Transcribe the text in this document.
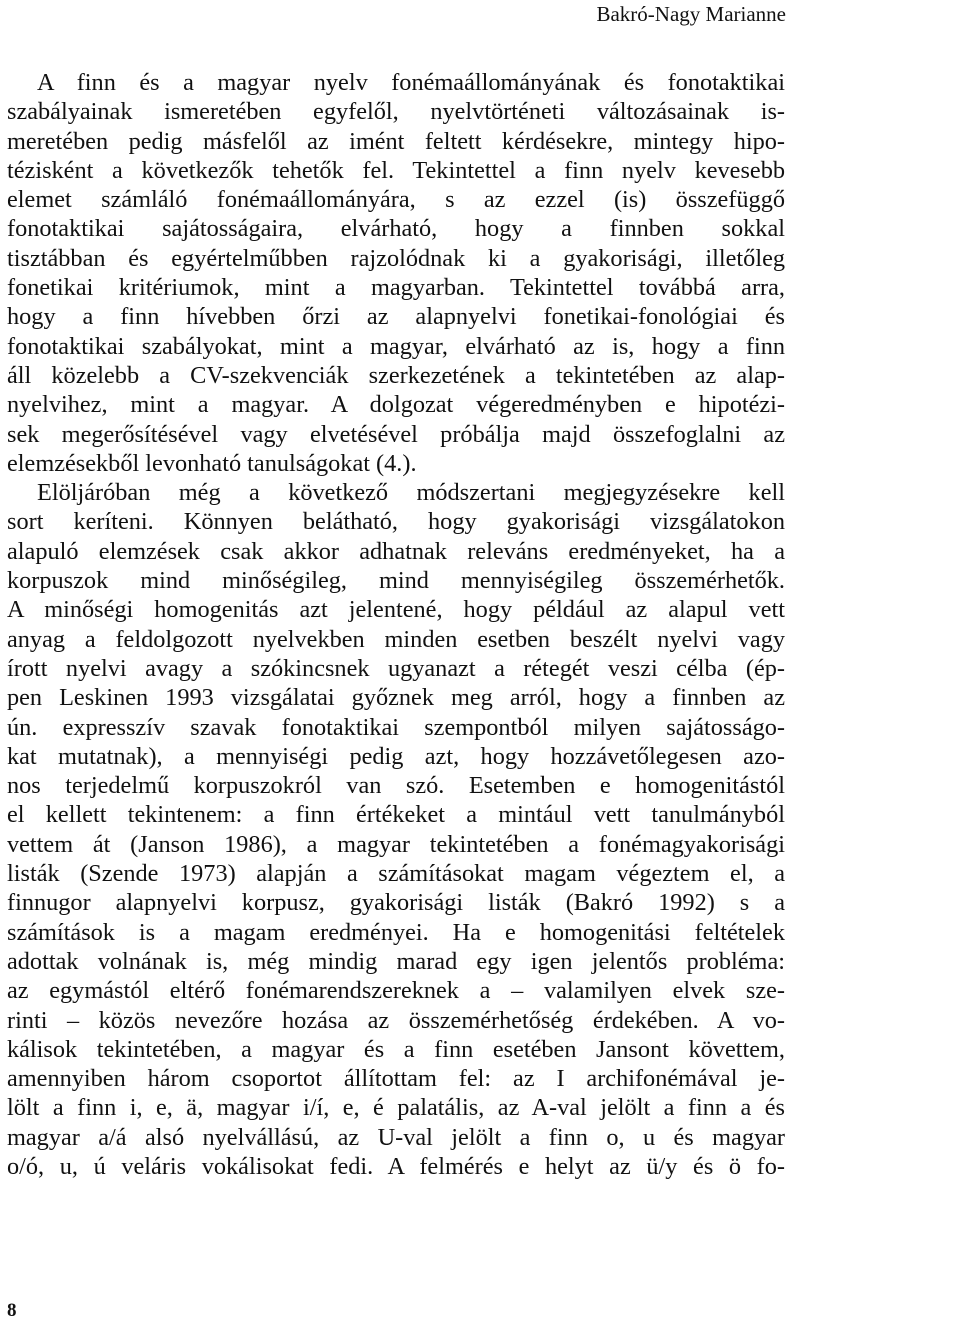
Bakró-Nagy Marianne
A finn és a magyar nyelv fonémaállományának és fonotaktikai
szabályainak ismeretében egyfelől, nyelvtörténeti változásainak is-
meretében pedig másfelől az imént feltett kérdésekre, mintegy hipo-
tézisként a következők tehetők fel. Tekintettel a finn nyelv kevesebb
elemet számláló fonémaállományára, s az ezzel (is) összefüggő
fonotaktikai sajátosságaira, elvárható, hogy a finnben sokkal
tisztábban és egyértelműbben rajzolódnak ki a gyakorisági, illetőleg
fonetikai kritériumok, mint a magyarban. Tekintettel továbbá arra,
hogy a finn hívebben őrzi az alapnyelvi fonetikai-fonológiai és
fonotaktikai szabályokat, mint a magyar, elvárható az is, hogy a finn
áll közelebb a CV-szekvenciák szerkezetének a tekintetében az alap-
nyelvihez, mint a magyar. A dolgozat végeredményben e hipotézi-
sek megerősítésével vagy elvetésével próbálja majd összefoglalni az
elemzésekből levonható tanulságokat (4.).
Elöljáróban még a következő módszertani megjegyzésekre kell
sort keríteni. Könnyen belátható, hogy gyakorisági vizsgálatokon
alapuló elemzések csak akkor adhatnak releváns eredményeket, ha a
korpuszok mind minőségileg, mind mennyiségileg összemérhetők.
A minőségi homogenitás azt jelentené, hogy például az alapul vett
anyag a feldolgozott nyelvekben minden esetben beszélt nyelvi vagy
írott nyelvi avagy a szókincsnek ugyanazt a rétegét veszi célba (ép-
pen Leskinen 1993 vizsgálatai győznek meg arról, hogy a finnben az
ún. expresszív szavak fonotaktikai szempontból milyen sajátosságo-
kat mutatnak), a mennyiségi pedig azt, hogy hozzávetőlegesen azo-
nos terjedelmű korpuszokról van szó. Esetemben e homogenitástól
el kellett tekintenem: a finn értékeket a mintául vett tanulmányból
vettem át (Janson 1986), a magyar tekintetében a fonémagyakorisági
listák (Szende 1973) alapján a számításokat magam végeztem el, a
finnugor alapnyelvi korpusz, gyakorisági listák (Bakró 1992) s a
számítások is a magam eredményei. Ha e homogenitási feltételek
adottak volnának is, még mindig marad egy igen jelentős probléma:
az egymástól eltérő fonémarendszereknek a – valamilyen elvek sze-
rinti – közös nevezőre hozása az összemérhetőség érdekében. A vo-
kálisok tekintetében, a magyar és a finn esetében Jansont követtem,
amennyiben három csoportot állítottam fel: az I archifonémával je-
lölt a finn i, e, ä, magyar i/í, e, é palatális, az A-val jelölt a finn a és
magyar a/á alsó nyelvállású, az U-val jelölt a finn o, u és magyar
o/ó, u, ú veláris vokálisokat fedi. A felmérés e helyt az ü/y és ö fo-
8
